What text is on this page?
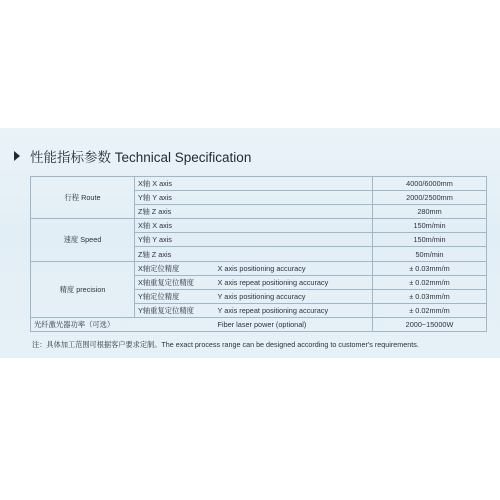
性能指标参数 Technical Specification
行程 Route	X轴 X axis		4000/6000mm
	Y轴 Y axis		2000/2500mm
	Z轴 Z axis		280mm
速度 Speed	X轴 X axis		150m/min
	Y轴 Y axis		150m/min
	Z轴 Z axis		50m/min
精度 precision	X轴定位精度	X axis positioning accuracy	± 0.03mm/m
	X轴重复定位精度	X axis repeat positioning accuracy	± 0.02mm/m
	Y轴定位精度	Y axis positioning accuracy	± 0.03mm/m
	Y轴重复定位精度	Y axis repeat positioning accuracy	± 0.02mm/m
光纤激光器功率（可选）		Fiber laser power (optional)	2000~15000W
注：具体加工范围可根据客户要求定制。The exact process range can be designed according to customer's requirements.
